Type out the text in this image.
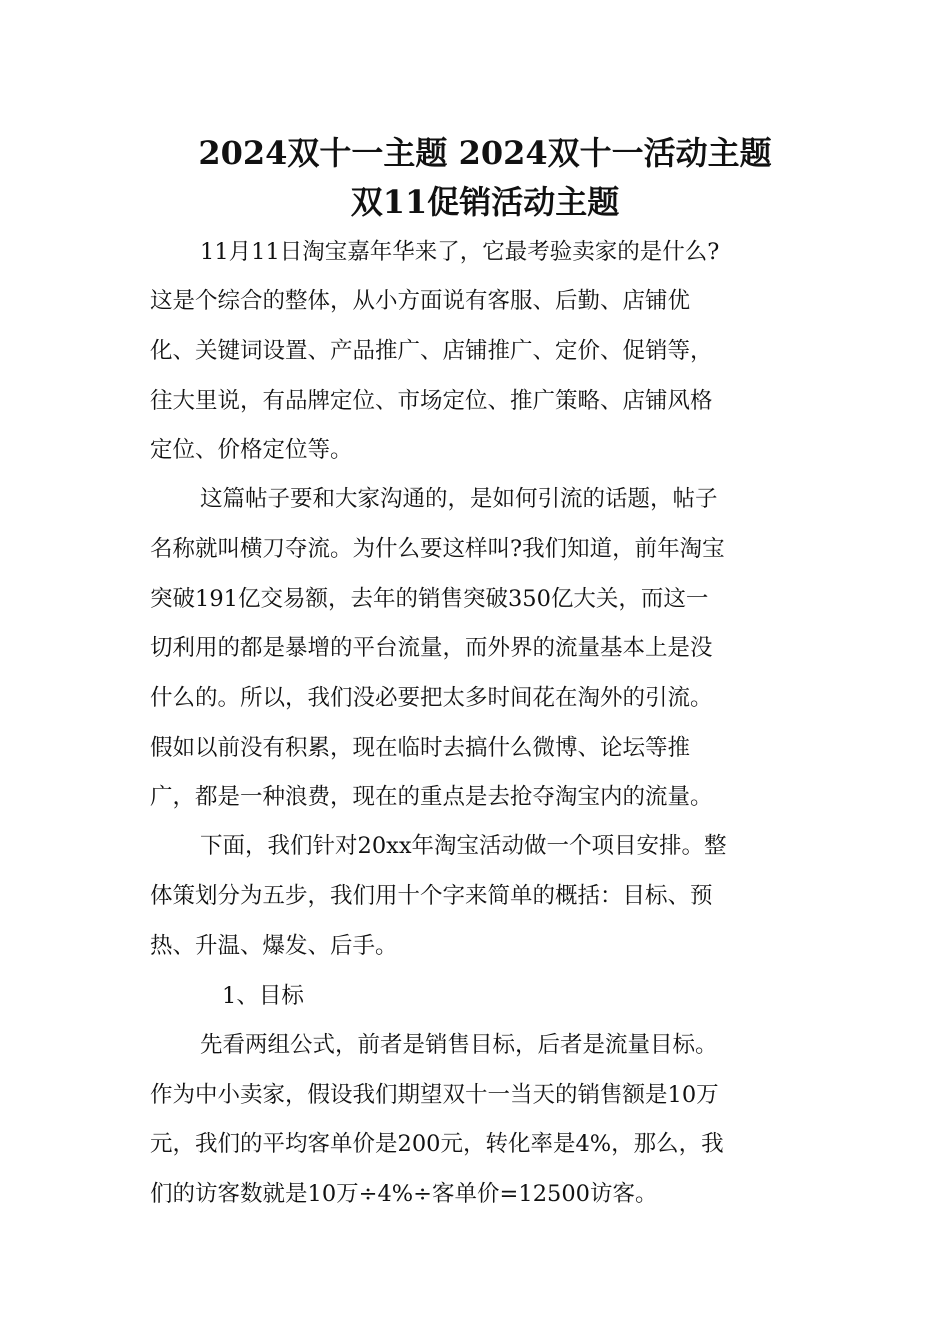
2024双十一主题 2024双十一活动主题
双11促销活动主题

11月11日淘宝嘉年华来了，它最考验卖家的是什么?

这是个综合的整体，从小方面说有客服、后勤、店铺优

化、关键词设置、产品推广、店铺推广、定价、促销等，

往大里说，有品牌定位、市场定位、推广策略、店铺风格

定位、价格定位等。

这篇帖子要和大家沟通的，是如何引流的话题，帖子

名称就叫横刀夺流。为什么要这样叫?我们知道，前年淘宝

突破191亿交易额，去年的销售突破350亿大关，而这一

切利用的都是暴增的平台流量，而外界的流量基本上是没

什么的。所以，我们没必要把太多时间花在淘外的引流。

假如以前没有积累，现在临时去搞什么微博、论坛等推

广，都是一种浪费，现在的重点是去抢夺淘宝内的流量。

下面，我们针对20xx年淘宝活动做一个项目安排。整

体策划分为五步，我们用十个字来简单的概括：目标、预

热、升温、爆发、后手。

1、目标

先看两组公式，前者是销售目标，后者是流量目标。

作为中小卖家，假设我们期望双十一当天的销售额是10万

元，我们的平均客单价是200元，转化率是4%，那么，我

们的访客数就是10万÷4%÷客单价=12500访客。
